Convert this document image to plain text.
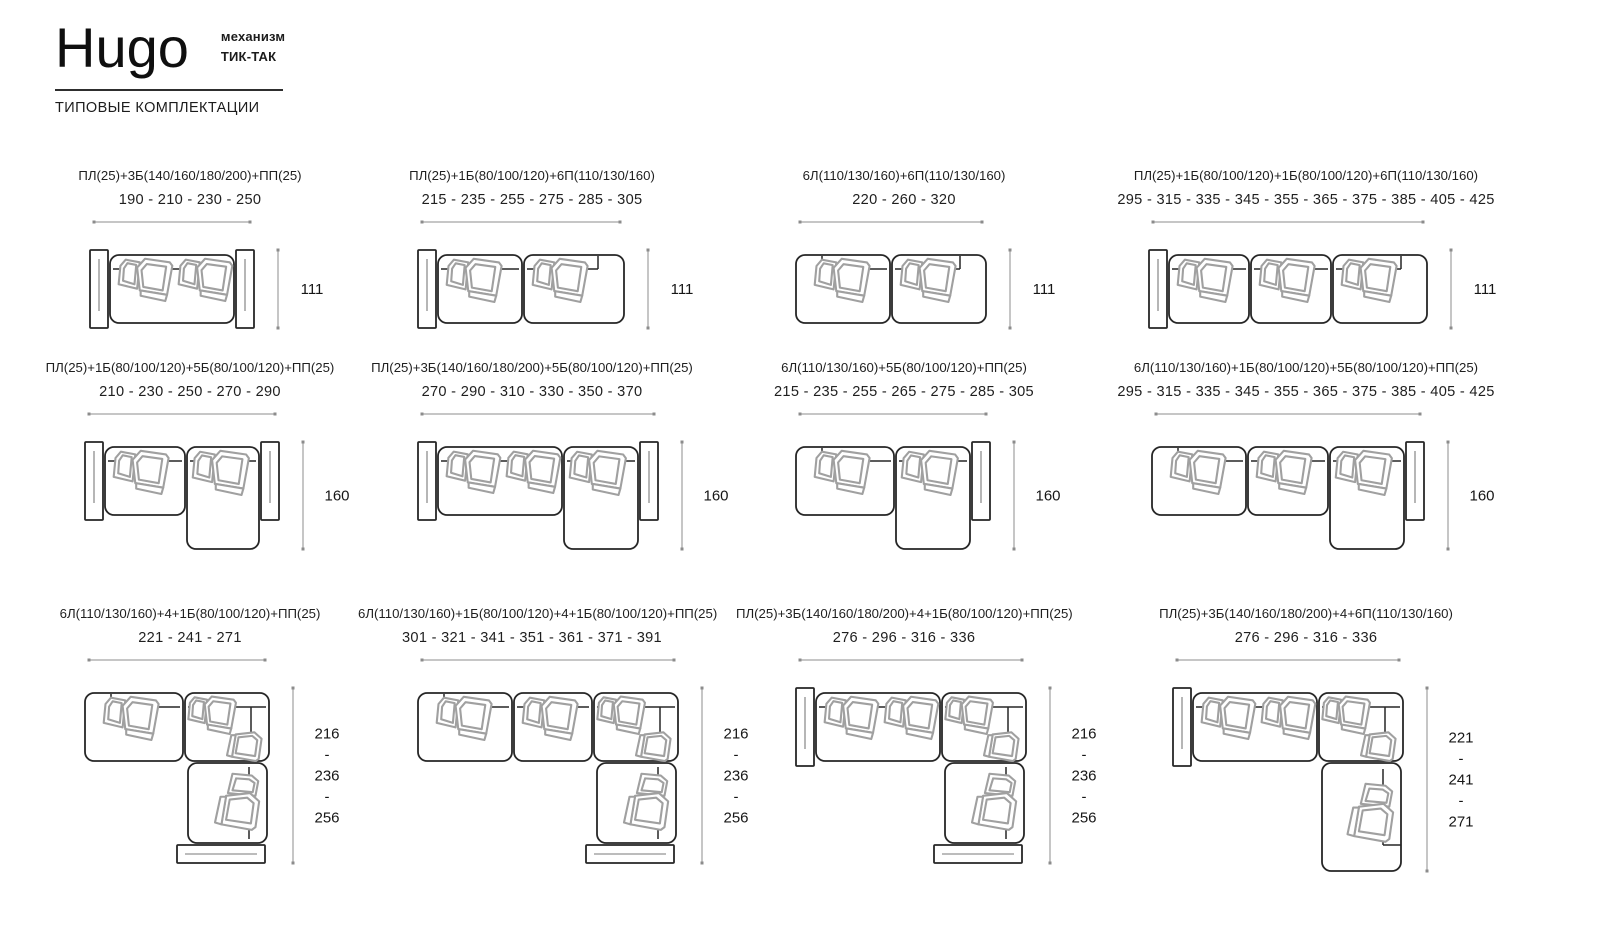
Hugo механизм
ТИК-ТАК
ТИПОВЫЕ КОМПЛЕКТАЦИИ
ПЛ(25)+3Б(140/160/180/200)+ПП(25)
190 - 210 - 230 - 250
111
ПЛ(25)+1Б(80/100/120)+6П(110/130/160)
215 - 235 - 255 - 275 - 285 - 305
111
6Л(110/130/160)+6П(110/130/160)
220 - 260 - 320
111
ПЛ(25)+1Б(80/100/120)+1Б(80/100/120)+6П(110/130/160)
295 - 315 - 335 - 345 - 355 - 365 - 375 - 385 - 405 - 425
111
ПЛ(25)+1Б(80/100/120)+5Б(80/100/120)+ПП(25)
210 - 230 - 250 - 270 - 290
160
ПЛ(25)+3Б(140/160/180/200)+5Б(80/100/120)+ПП(25)
270 - 290 - 310 - 330 - 350 - 370
160
6Л(110/130/160)+5Б(80/100/120)+ПП(25)
215 - 235 - 255 - 265 - 275 - 285 - 305
160
6Л(110/130/160)+1Б(80/100/120)+5Б(80/100/120)+ПП(25)
295 - 315 - 335 - 345 - 355 - 365 - 375 - 385 - 405 - 425
160
6Л(110/130/160)+4+1Б(80/100/120)+ПП(25)
221 - 241 - 271
216 -236 -256
6Л(110/130/160)+1Б(80/100/120)+4+1Б(80/100/120)+ПП(25)
301 - 321 - 341 - 351 - 361 - 371 - 391
216 -236 -256
ПЛ(25)+3Б(140/160/180/200)+4+1Б(80/100/120)+ПП(25)
276 - 296 - 316 - 336
216 -236 -256
ПЛ(25)+3Б(140/160/180/200)+4+6П(110/130/160)
276 - 296 - 316 - 336
221 -241 -271
